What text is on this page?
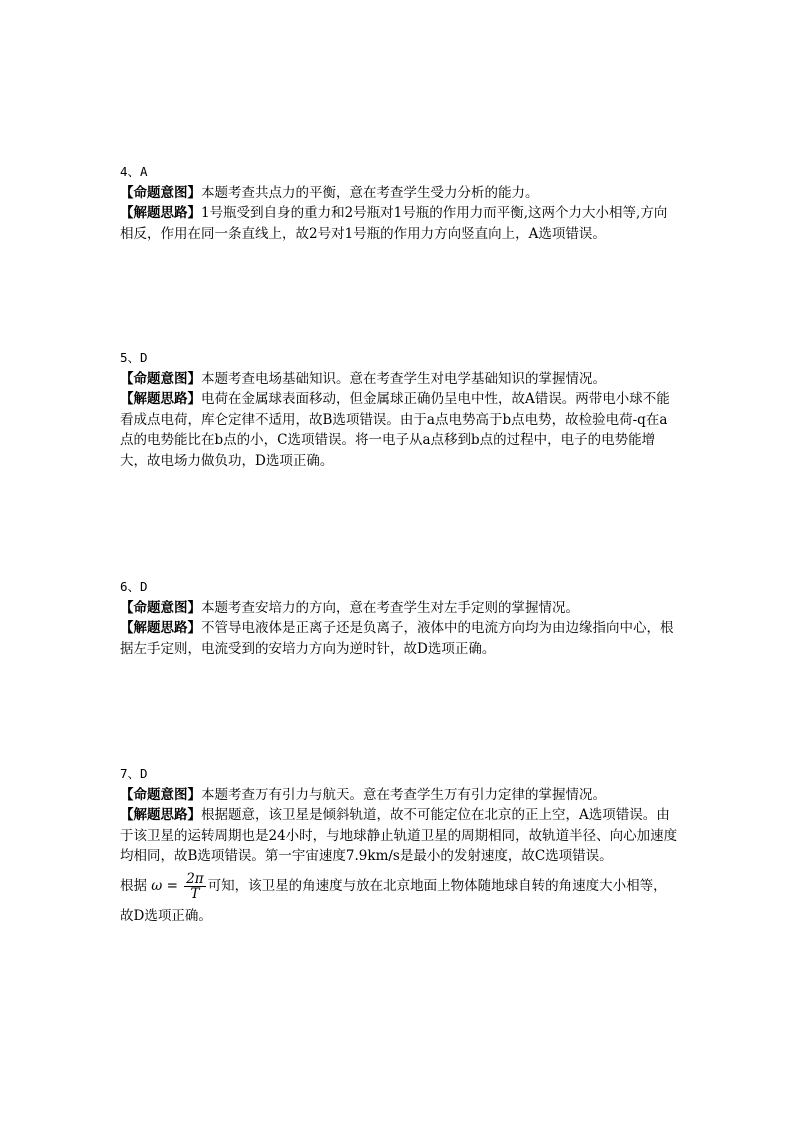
4、A

【命题意图】本题考查共点力的平衡，意在考查学生受力分析的能力。

【解题思路】1号瓶受到自身的重力和2号瓶对1号瓶的作用力而平衡,这两个力大小相等,方向相反，作用在同一条直线上，故2号对1号瓶的作用力方向竖直向上，A选项错误。

5、D

【命题意图】本题考查电场基础知识。意在考查学生对电学基础知识的掌握情况。

【解题思路】电荷在金属球表面移动，但金属球正确仍呈电中性，故A错误。两带电小球不能看成点电荷，库仑定律不适用，故B选项错误。由于a点电势高于b点电势，故检验电荷-q在a点的电势能比在b点的小，C选项错误。将一电子从a点移到b点的过程中，电子的电势能增大，故电场力做负功，D选项正确。

6、D

【命题意图】本题考查安培力的方向，意在考查学生对左手定则的掌握情况。

【解题思路】不管导电液体是正离子还是负离子，液体中的电流方向均为由边缘指向中心，根据左手定则，电流受到的安培力方向为逆时针，故D选项正确。

7、D

【命题意图】本题考查万有引力与航天。意在考查学生万有引力定律的掌握情况。

【解题思路】根据题意，该卫星是倾斜轨道，故不可能定位在北京的正上空，A选项错误。由于该卫星的运转周期也是24小时，与地球静止轨道卫星的周期相同，故轨道半径、向心加速度均相同，故B选项错误。第一宇宙速度7.9km/s是最小的发射速度，故C选项错误。

根据 $\omega = \frac{2\pi}{T}$ 可知，该卫星的角速度与放在北京地面上物体随地球自转的角速度大小相等，故D选项正确。
